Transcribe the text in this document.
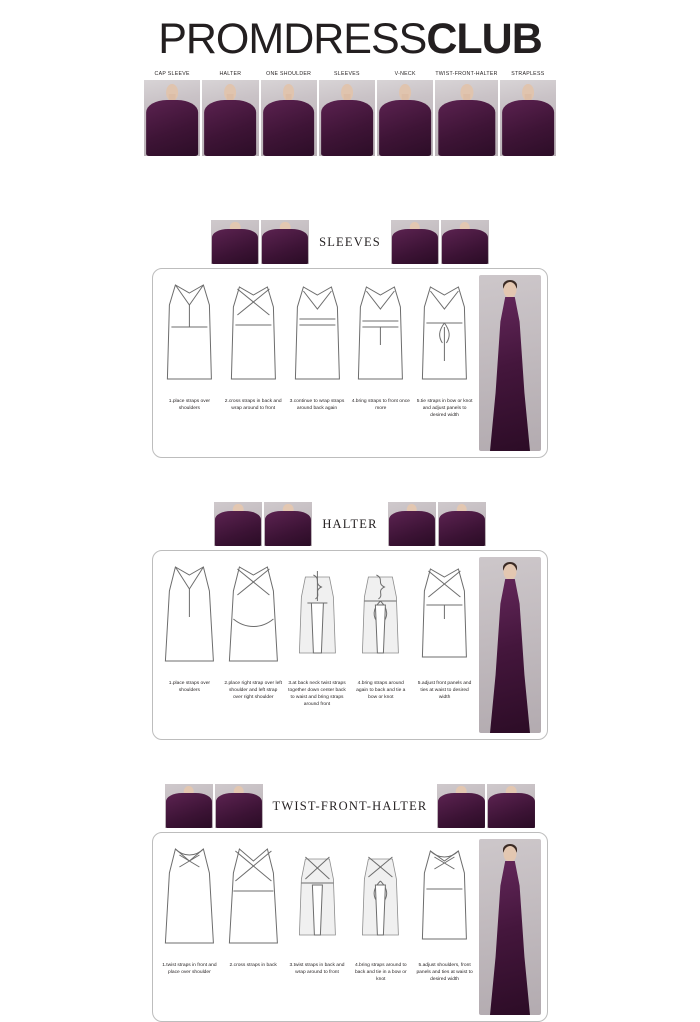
PROMDRESSCLUB
CAP SLEEVE	HALTER	ONE SHOULDER	SLEEVES	V-NECK	TWIST-FRONT-HALTER	STRAPLESS
SLEEVES
1.place straps over shoulders
2.cross straps in back and wrap around to front
3.continue to wrap straps around back again
4.bring straps to front once more
5.tie straps in bow or knot and adjust panels to desired width
HALTER
1.place straps over shoulders
2.place right strap over left shoulder and left strap over right shoulder
3.at back neck twist straps together down center back to waist and bring straps around front
4.bring straps around again to back and tie a bow or knot
5.adjust front panels and ties at waist to desired width
TWIST-FRONT-HALTER
1.twist straps in front and place over shoulder
2.cross straps in back	3.twist straps in back and wrap around to front
4.bring straps around to back and tie in a bow or knot
5.adjust shoulders, front panels and ties at waist to desired width
